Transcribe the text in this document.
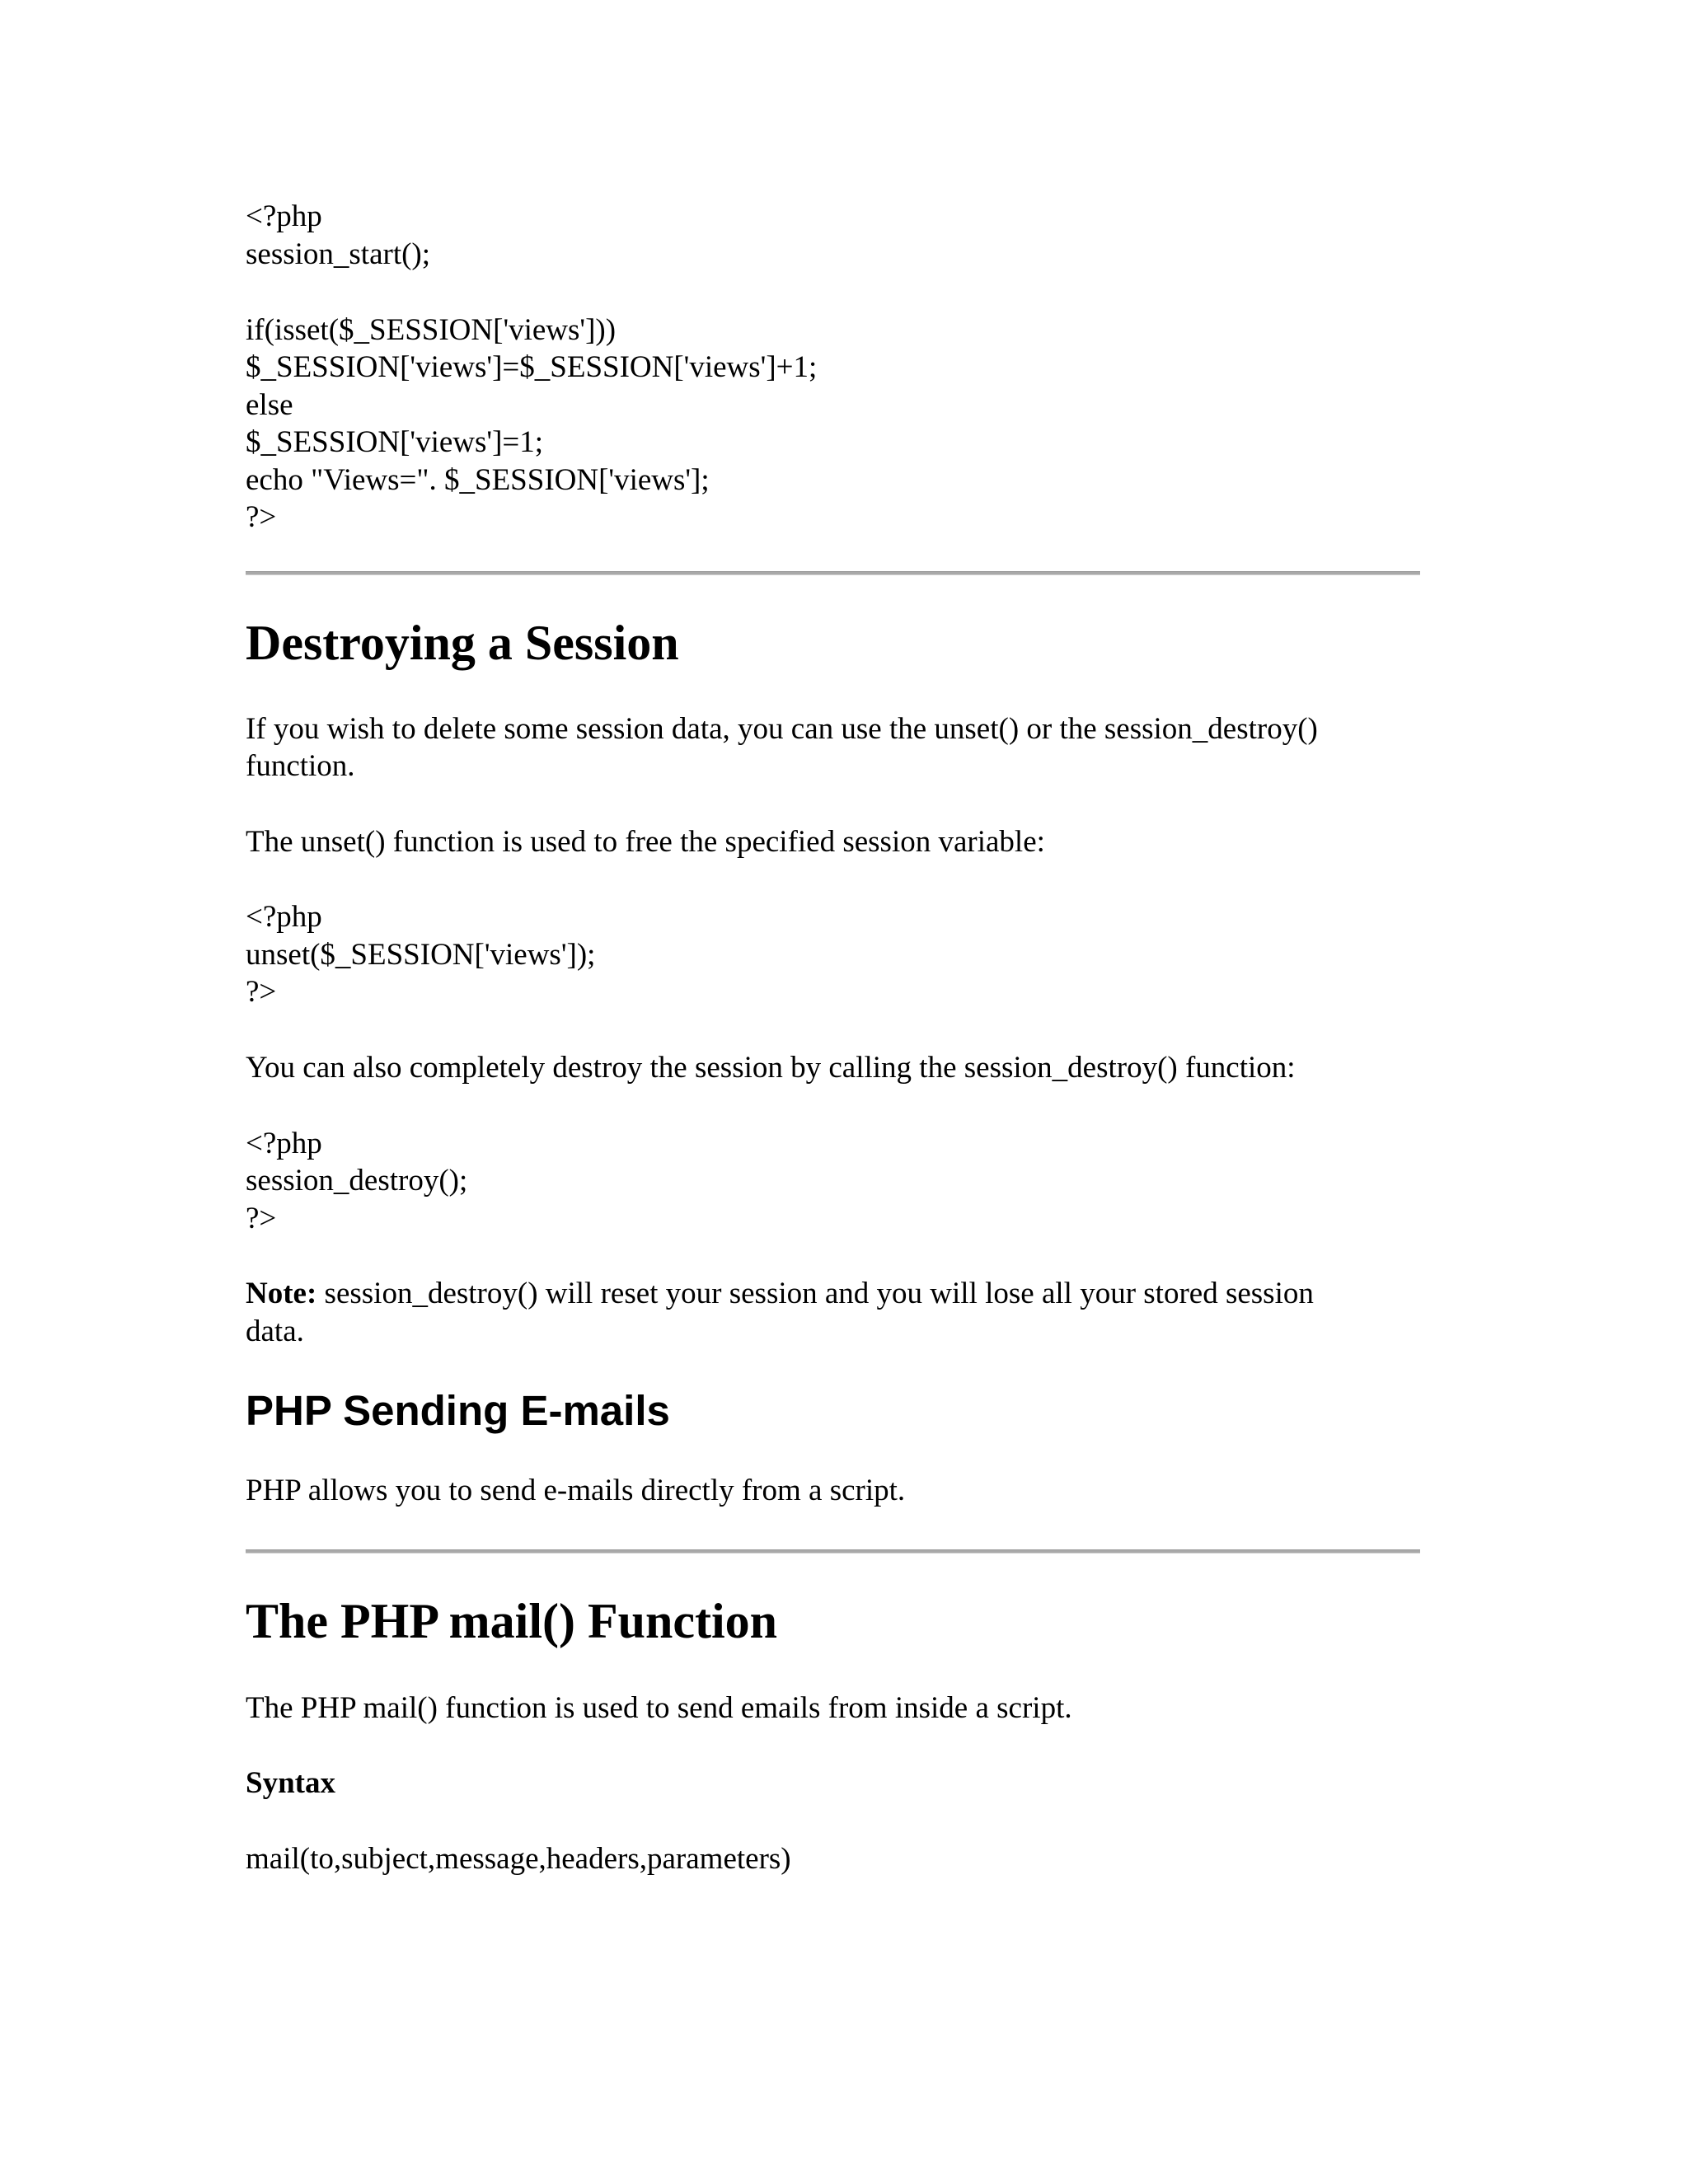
<?php
session_start();
if(isset($_SESSION['views']))
$_SESSION['views']=$_SESSION['views']+1;
else
$_SESSION['views']=1;
echo "Views=". $_SESSION['views'];
?>
Destroying a Session
If you wish to delete some session data, you can use the unset() or the session_destroy()
function.
The unset() function is used to free the specified session variable:
<?php
unset($_SESSION['views']);
?>
You can also completely destroy the session by calling the session_destroy() function:
<?php
session_destroy();
?>
Note: session_destroy() will reset your session and you will lose all your stored session
data.
PHP Sending E-mails
PHP allows you to send e-mails directly from a script.
The PHP mail() Function
The PHP mail() function is used to send emails from inside a script.
Syntax
mail(to,subject,message,headers,parameters)
